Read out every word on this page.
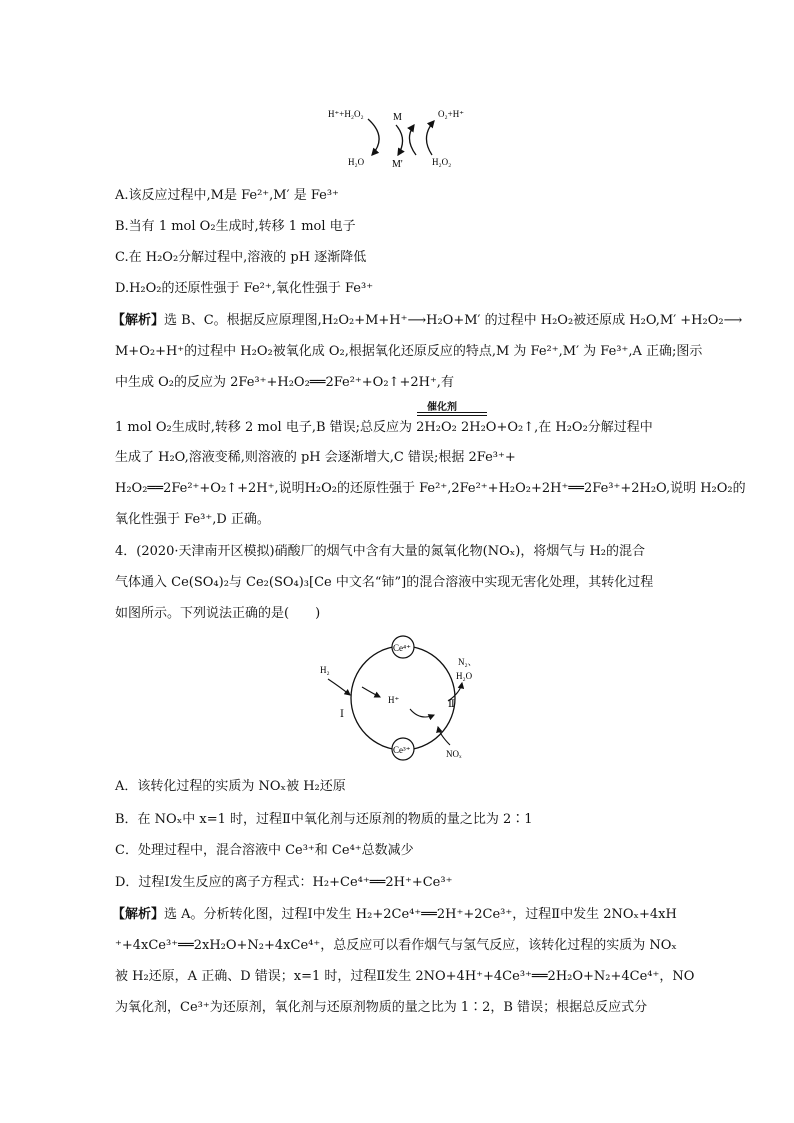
H⁺+H₂O₂	M	O₂+H⁺
H₂O	M'	H₂O₂
A.该反应过程中,M是 Fe²⁺,M′ 是 Fe³⁺
B.当有 1 mol O₂生成时,转移 1 mol 电子
C.在 H₂O₂分解过程中,溶液的 pH 逐渐降低
D.H₂O₂的还原性强于 Fe²⁺,氧化性强于 Fe³⁺
【解析】选 B、C。根据反应原理图,H₂O₂+M+H⁺⟶H₂O+M′ 的过程中 H₂O₂被还原成 H₂O,M′ +H₂O₂⟶
M+O₂+H⁺的过程中 H₂O₂被氧化成 O₂,根据氧化还原反应的特点,M 为 Fe²⁺,M′ 为 Fe³⁺,A 正确;图示
中生成 O₂的反应为 2Fe³⁺+H₂O₂══2Fe²⁺+O₂↑+2H⁺,有
催化剂
1 mol O₂生成时,转移 2 mol 电子,B 错误;总反应为 2H₂O₂ 2H₂O+O₂↑,在 H₂O₂分解过程中
生成了 H₂O,溶液变稀,则溶液的 pH 会逐渐增大,C 错误;根据 2Fe³⁺+
H₂O₂══2Fe²⁺+O₂↑+2H⁺,说明H₂O₂的还原性强于 Fe²⁺,2Fe²⁺+H₂O₂+2H⁺══2Fe³⁺+2H₂O,说明 H₂O₂的
氧化性强于 Fe³⁺,D 正确。
4．(2020·天津南开区模拟)硝酸厂的烟气中含有大量的氮氧化物(NOₓ)，将烟气与 H₂的混合
气体通入 Ce(SO₄)₂与 Ce₂(SO₄)₃[Ce 中文名“铈”]的混合溶液中实现无害化处理，其转化过程
如图所示。下列说法正确的是(　　)
Ce⁴⁺
Ce³⁺
H₂
H⁺
N₂、
H₂O
Ⅰ
Ⅱ
NOₓ
A．该转化过程的实质为 NOₓ被 H₂还原
B．在 NOₓ中 x=1 时，过程Ⅱ中氧化剂与还原剂的物质的量之比为 2∶1
C．处理过程中，混合溶液中 Ce³⁺和 Ce⁴⁺总数减少
D．过程Ⅰ发生反应的离子方程式：H₂+Ce⁴⁺══2H⁺+Ce³⁺
【解析】选 A。分析转化图，过程Ⅰ中发生 H₂+2Ce⁴⁺══2H⁺+2Ce³⁺，过程Ⅱ中发生 2NOₓ+4xH
⁺+4xCe³⁺══2xH₂O+N₂+4xCe⁴⁺，总反应可以看作烟气与氢气反应，该转化过程的实质为 NOₓ
被 H₂还原，A 正确、D 错误；x=1 时，过程Ⅱ发生 2NO+4H⁺+4Ce³⁺══2H₂O+N₂+4Ce⁴⁺，NO
为氧化剂，Ce³⁺为还原剂，氧化剂与还原剂物质的量之比为 1∶2，B 错误；根据总反应式分
